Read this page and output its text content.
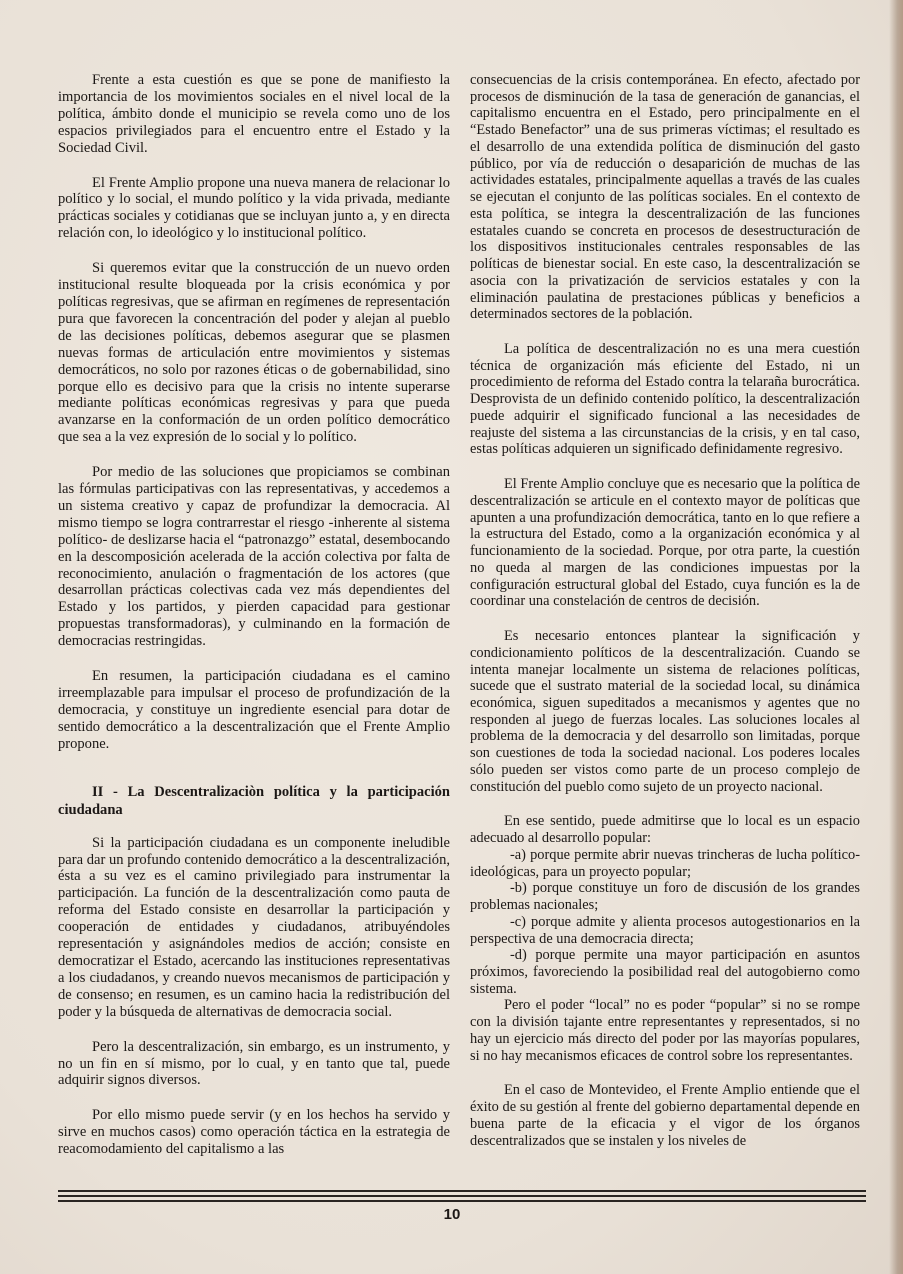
Frente a esta cuestión es que se pone de manifiesto la importancia de los movimientos sociales en el nivel local de la política, ámbito donde el municipio se revela como uno de los espacios privilegiados para el encuentro entre el Estado y la Sociedad Civil.

El Frente Amplio propone una nueva manera de relacionar lo político y lo social, el mundo político y la vida privada, mediante prácticas sociales y cotidianas que se incluyan junto a, y en directa relación con, lo ideológico y lo institucional político.

Si queremos evitar que la construcción de un nuevo orden institucional resulte bloqueada por la crisis económica y por políticas regresivas, que se afirman en regímenes de representación pura que favorecen la concentración del poder y alejan al pueblo de las decisiones políticas, debemos asegurar que se plasmen nuevas formas de articulación entre movimientos y sistemas democráticos, no solo por razones éticas o de gobernabilidad, sino porque ello es decisivo para que la crisis no intente superarse mediante políticas económicas regresivas y para que pueda avanzarse en la conformación de un orden político democrático que sea a la vez expresión de lo social y lo político.

Por medio de las soluciones que propiciamos se combinan las fórmulas participativas con las representativas, y accedemos a un sistema creativo y capaz de profundizar la democracia. Al mismo tiempo se logra contrarrestar el riesgo -inherente al sistema político- de deslizarse hacia el “patronazgo” estatal, desembocando en la descomposición acelerada de la acción colectiva por falta de reconocimiento, anulación o fragmentación de los actores (que desarrollan prácticas colectivas cada vez más dependientes del Estado y los partidos, y pierden capacidad para gestionar propuestas transformadoras), y culminando en la formación de democracias restringidas.

En resumen, la participación ciudadana es el camino irreemplazable para impulsar el proceso de profundización de la democracia, y constituye un ingrediente esencial para dotar de sentido democrático a la descentralización que el Frente Amplio propone.

II - La Descentralizaciòn política y la participación ciudadana

Si la participación ciudadana es un componente ineludible para dar un profundo contenido democrático a la descentralización, ésta a su vez es el camino privilegiado para instrumentar la participación. La función de la descentralización como pauta de reforma del Estado consiste en desarrollar la participación y cooperación de entidades y ciudadanos, atribuyéndoles representación y asignándoles medios de acción; consiste en democratizar el Estado, acercando las instituciones representativas a los ciudadanos, y creando nuevos mecanismos de participación y de consenso; en resumen, es un camino hacia la redistribución del poder y la búsqueda de alternativas de democracia social.

Pero la descentralización, sin embargo, es un instrumento, y no un fin en sí mismo, por lo cual, y en tanto que tal, puede adquirir signos diversos.

Por ello mismo puede servir (y en los hechos ha servido y sirve en muchos casos) como operación táctica en la estrategia de reacomodamiento del capitalismo a las

consecuencias de la crisis contemporánea. En efecto, afectado por procesos de disminución de la tasa de generación de ganancias, el capitalismo encuentra en el Estado, pero principalmente en el “Estado Benefactor” una de sus primeras víctimas; el resultado es el desarrollo de una extendida política de disminución del gasto público, por vía de reducción o desaparición de muchas de las actividades estatales, principalmente aquellas a través de las cuales se ejecutan el conjunto de las políticas sociales. En el contexto de esta política, se integra la descentralización de las funciones estatales cuando se concreta en procesos de desestructuración de los dispositivos institucionales centrales responsables de las políticas de bienestar social. En este caso, la descentralización se asocia con la privatización de servicios estatales y con la eliminación paulatina de prestaciones públicas y beneficios a determinados sectores de la población.

La política de descentralización no es una mera cuestión técnica de organización más eficiente del Estado, ni un procedimiento de reforma del Estado contra la telaraña burocrática. Desprovista de un definido contenido político, la descentralización puede adquirir el significado funcional a las necesidades de reajuste del sistema a las circunstancias de la crisis, y en tal caso, estas políticas adquieren un significado definidamente regresivo.

El Frente Amplio concluye que es necesario que la política de descentralización se articule en el contexto mayor de políticas que apunten a una profundización democrática, tanto en lo que refiere a la estructura del Estado, como a la organización económica y al funcionamiento de la sociedad. Porque, por otra parte, la cuestión no queda al margen de las condiciones impuestas por la configuración estructural global del Estado, cuya función es la de coordinar una constelación de centros de decisión.

Es necesario entonces plantear la significación y condicionamiento políticos de la descentralización. Cuando se intenta manejar localmente un sistema de relaciones políticas, sucede que el sustrato material de la sociedad local, su dinámica económica, siguen supeditados a mecanismos y agentes que no responden al juego de fuerzas locales. Las soluciones locales al problema de la democracia y del desarrollo son limitadas, porque son cuestiones de toda la sociedad nacional. Los poderes locales sólo pueden ser vistos como parte de un proceso complejo de constitución del pueblo como sujeto de un proyecto nacional.

En ese sentido, puede admitirse que lo local es un espacio adecuado al desarrollo popular:

-a) porque permite abrir nuevas trincheras de lucha político-ideológicas, para un proyecto popular;

-b) porque constituye un foro de discusión de los grandes problemas nacionales;

-c) porque admite y alienta procesos autogestionarios en la perspectiva de una democracia directa;

-d) porque permite una mayor participación en asuntos próximos, favoreciendo la posibilidad real del autogobierno como sistema.

Pero el poder “local” no es poder “popular” si no se rompe con la división tajante entre representantes y representados, si no hay un ejercicio más directo del poder por las mayorías populares, si no hay mecanismos eficaces de control sobre los representantes.

En el caso de Montevideo, el Frente Amplio entiende que el éxito de su gestión al frente del gobierno departamental depende en buena parte de la eficacia y el vigor de los órganos descentralizados que se instalen y los niveles de

10
